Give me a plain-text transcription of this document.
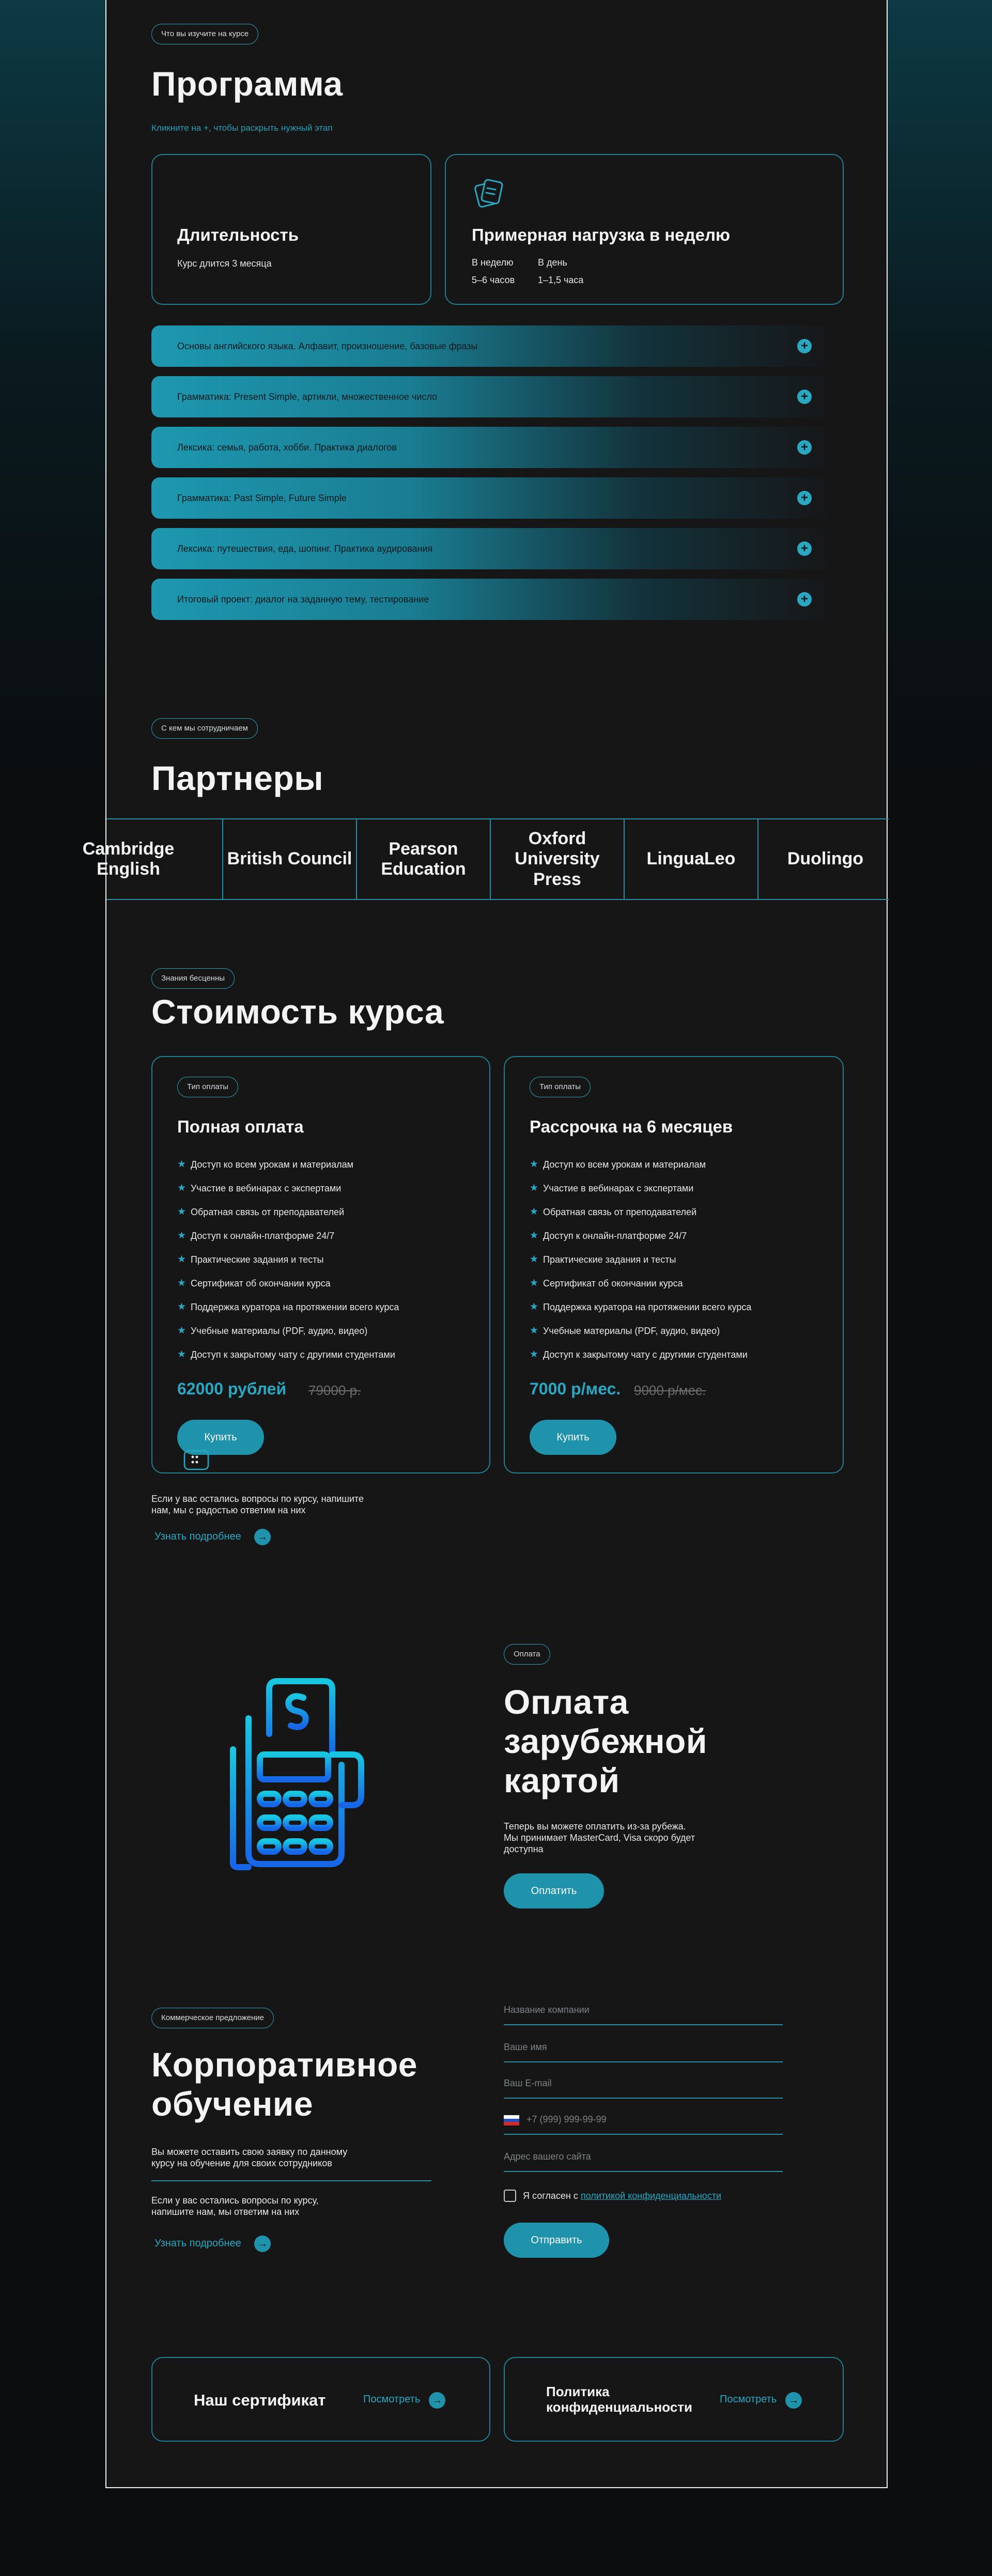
Что вы изучите на курсе
Программа
Кликните на +, чтобы раскрыть нужный этап
Длительность
Курс длится 3 месяца
Примерная нагрузка в неделю
В неделю
5–6 часов
В день
1–1,5 часа
Основы английского языка. Алфавит, произношение, базовые фразы	+
Грамматика: Present Simple, артикли, множественное число	+
Лексика: семья, работа, хобби. Практика диалогов	+
Грамматика: Past Simple, Future Simple	+
Лексика: путешествия, еда, шопинг. Практика аудирования	+
Итоговый проект: диалог на заданную тему, тестирование	+
С кем мы сотрудничаем
Партнеры
Cambridge English
British Council
Pearson Education
Oxford University Press
LinguaLeo	Duolingo
Знания бесценны
Стоимость курса
Тип оплаты
Полная оплата
★ Доступ ко всем урокам и материалам
★ Участие в вебинарах с экспертами
★ Обратная связь от преподавателей
★ Доступ к онлайн-платформе 24/7
★ Практические задания и тесты
★ Сертификат об окончании курса
★ Поддержка куратора на протяжении всего курса
★ Учебные материалы (PDF, аудио, видео)
★ Доступ к закрытому чату с другими студентами
62000 рублей 79000 р.
Купить
Тип оплаты
Рассрочка на 6 месяцев
★ Доступ ко всем урокам и материалам
★ Участие в вебинарах с экспертами
★ Обратная связь от преподавателей
★ Доступ к онлайн-платформе 24/7
★ Практические задания и тесты
★ Сертификат об окончании курса
★ Поддержка куратора на протяжении всего курса
★ Учебные материалы (PDF, аудио, видео)
★ Доступ к закрытому чату с другими студентами
7000 р/мес. 9000 р/мес.
Купить
Если у вас остались вопросы по курсу, напишите нам, мы с радостью ответим на них
Узнать подробнее	→
Оплата
Оплата зарубежной картой
Теперь вы можете оплатить из-за рубежа. Мы принимает MasterCard, Visa скоро будет доступна
Оплатить
Коммерческое предложение
Корпоративное обучение
Вы можете оставить свою заявку по данному курсу на обучение для своих сотрудников
Если у вас остались вопросы по курсу, напишите нам, мы ответим на них
Узнать подробнее	→
Название компании
Ваше имя
Ваш E-mail
+7 (999) 999-99-99
Адрес вашего сайта
Я согласен с политикой конфиденциальности
Отправить
Наш сертификат	Посмотреть	→
Политика конфиденциальности	Посмотреть	→
